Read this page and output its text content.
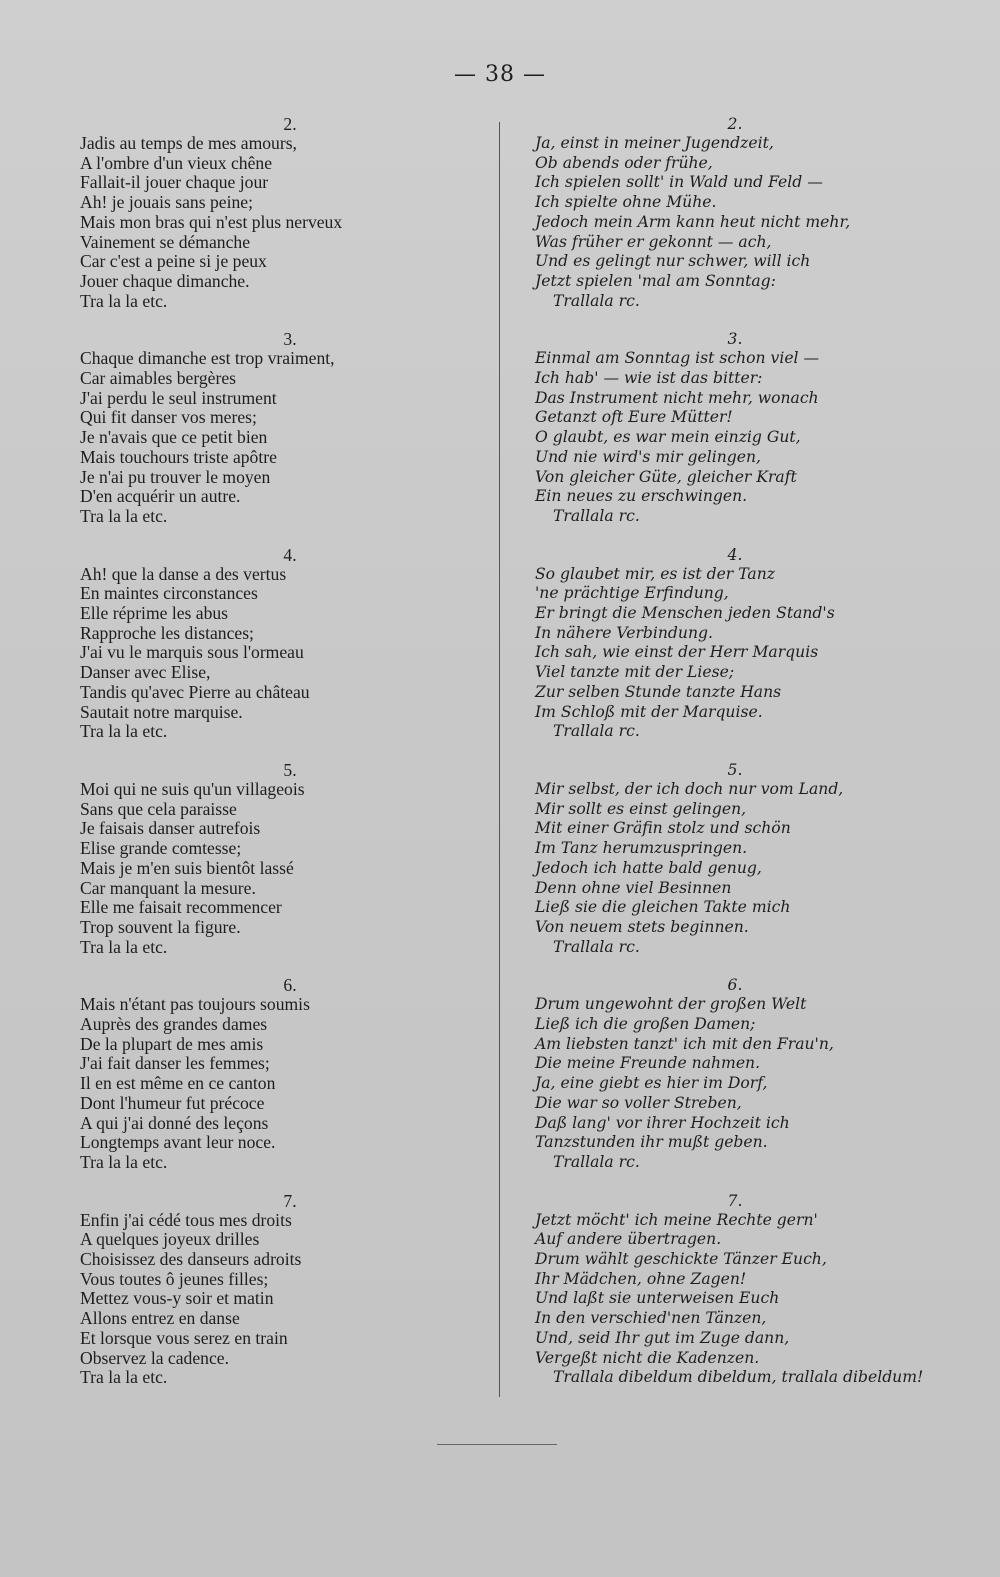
— 38 —
2.
Jadis au temps de mes amours,
A l'ombre d'un vieux chêne
Fallait-il jouer chaque jour
Ah! je jouais sans peine;
Mais mon bras qui n'est plus nerveux
Vainement se démanche
Car c'est a peine si je peux
Jouer chaque dimanche.
Tra la la etc.
3.
Chaque dimanche est trop vraiment,
Car aimables bergères
J'ai perdu le seul instrument
Qui fit danser vos meres;
Je n'avais que ce petit bien
Mais touchours triste apôtre
Je n'ai pu trouver le moyen
D'en acquérir un autre.
Tra la la etc.
4.
Ah! que la danse a des vertus
En maintes circonstances
Elle réprime les abus
Rapproche les distances;
J'ai vu le marquis sous l'ormeau
Danser avec Elise,
Tandis qu'avec Pierre au château
Sautait notre marquise.
Tra la la etc.
5.
Moi qui ne suis qu'un villageois
Sans que cela paraisse
Je faisais danser autrefois
Elise grande comtesse;
Mais je m'en suis bientôt lassé
Car manquant la mesure.
Elle me faisait recommencer
Trop souvent la figure.
Tra la la etc.
6.
Mais n'étant pas toujours soumis
Auprès des grandes dames
De la plupart de mes amis
J'ai fait danser les femmes;
Il en est même en ce canton
Dont l'humeur fut précoce
A qui j'ai donné des leçons
Longtemps avant leur noce.
Tra la la etc.
7.
Enfin j'ai cédé tous mes droits
A quelques joyeux drilles
Choisissez des danseurs adroits
Vous toutes ô jeunes filles;
Mettez vous-y soir et matin
Allons entrez en danse
Et lorsque vous serez en train
Observez la cadence.
Tra la la etc.
2.
Ja, einst in meiner Jugendzeit,
Ob abends oder frühe,
Ich spielen sollt' in Wald und Feld —
Ich spielte ohne Mühe.
Jedoch mein Arm kann heut nicht mehr,
Was früher er gekonnt — ach,
Und es gelingt nur schwer, will ich
Jetzt spielen 'mal am Sonntag:
Trallala rc.
3.
Einmal am Sonntag ist schon viel —
Ich hab' — wie ist das bitter:
Das Instrument nicht mehr, wonach
Getanzt oft Eure Mütter!
O glaubt, es war mein einzig Gut,
Und nie wird's mir gelingen,
Von gleicher Güte, gleicher Kraft
Ein neues zu erschwingen.
Trallala rc.
4.
So glaubet mir, es ist der Tanz
'ne prächtige Erfindung,
Er bringt die Menschen jeden Stand's
In nähere Verbindung.
Ich sah, wie einst der Herr Marquis
Viel tanzte mit der Liese;
Zur selben Stunde tanzte Hans
Im Schloß mit der Marquise.
Trallala rc.
5.
Mir selbst, der ich doch nur vom Land,
Mir sollt es einst gelingen,
Mit einer Gräfin stolz und schön
Im Tanz herumzuspringen.
Jedoch ich hatte bald genug,
Denn ohne viel Besinnen
Ließ sie die gleichen Takte mich
Von neuem stets beginnen.
Trallala rc.
6.
Drum ungewohnt der großen Welt
Ließ ich die großen Damen;
Am liebsten tanzt' ich mit den Frau'n,
Die meine Freunde nahmen.
Ja, eine giebt es hier im Dorf,
Die war so voller Streben,
Daß lang' vor ihrer Hochzeit ich
Tanzstunden ihr mußt geben.
Trallala rc.
7.
Jetzt möcht' ich meine Rechte gern'
Auf andere übertragen.
Drum wählt geschickte Tänzer Euch,
Ihr Mädchen, ohne Zagen!
Und laßt sie unterweisen Euch
In den verschied'nen Tänzen,
Und, seid Ihr gut im Zuge dann,
Vergeßt nicht die Kadenzen.
Trallala dibeldum dibeldum, trallala dibeldum!
